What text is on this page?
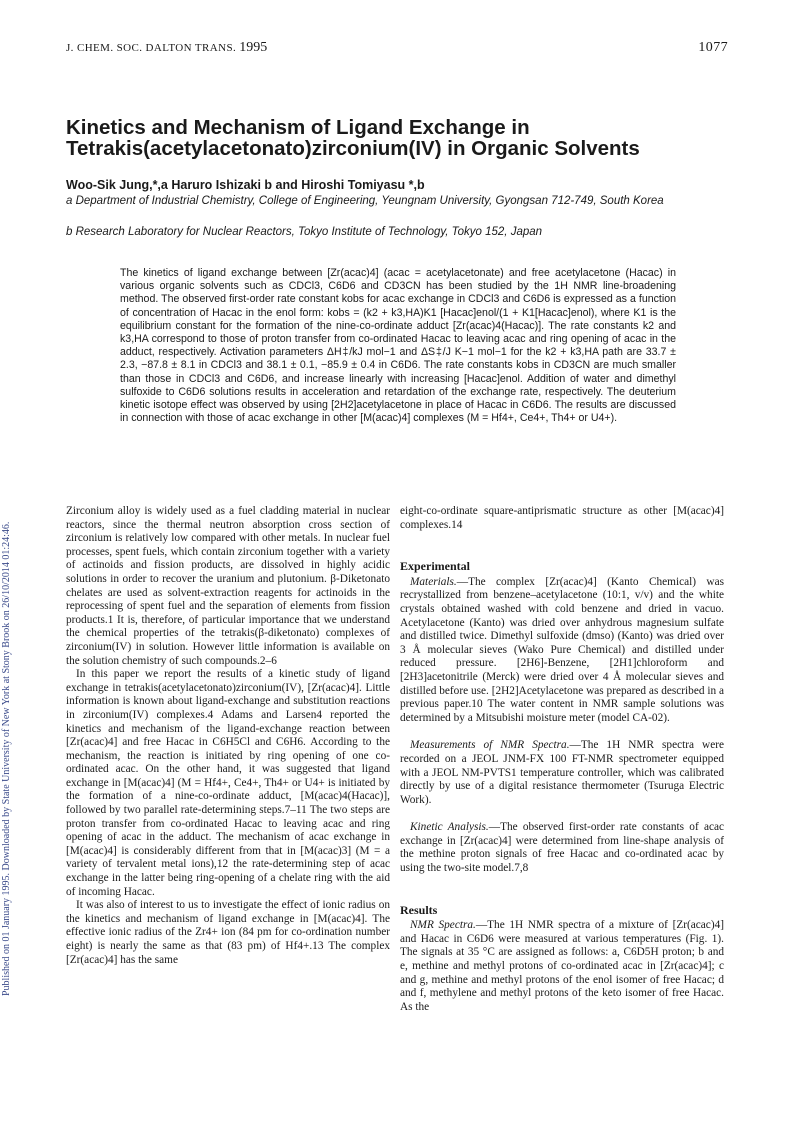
Published on 01 January 1995. Downloaded by State University of New York at Stony Brook on 26/10/2014 01:24:46.
J. CHEM. SOC. DALTON TRANS. 1995	1077
Kinetics and Mechanism of Ligand Exchange in Tetrakis(acetylacetonato)zirconium(IV) in Organic Solvents
Woo-Sik Jung,*,a Haruro Ishizaki b and Hiroshi Tomiyasu *,b
a Department of Industrial Chemistry, College of Engineering, Yeungnam University, Gyongsan 712-749, South Korea
b Research Laboratory for Nuclear Reactors, Tokyo Institute of Technology, Tokyo 152, Japan
The kinetics of ligand exchange between [Zr(acac)4] (acac = acetylacetonate) and free acetylacetone (Hacac) in various organic solvents such as CDCl3, C6D6 and CD3CN has been studied by the 1H NMR line-broadening method. The observed first-order rate constant kobs for acac exchange in CDCl3 and C6D6 is expressed as a function of concentration of Hacac in the enol form: kobs = (k2 + k3,HA)K1 [Hacac]enol/(1 + K1[Hacac]enol), where K1 is the equilibrium constant for the formation of the nine-co-ordinate adduct [Zr(acac)4(Hacac)]. The rate constants k2 and k3,HA correspond to those of proton transfer from co-ordinated Hacac to leaving acac and ring opening of acac in the adduct, respectively. Activation parameters ΔH‡/kJ mol−1 and ΔS‡/J K−1 mol−1 for the k2 + k3,HA path are 33.7 ± 2.3, −87.8 ± 8.1 in CDCl3 and 38.1 ± 0.1, −85.9 ± 0.4 in C6D6. The rate constants kobs in CD3CN are much smaller than those in CDCl3 and C6D6, and increase linearly with increasing [Hacac]enol. Addition of water and dimethyl sulfoxide to C6D6 solutions results in acceleration and retardation of the exchange rate, respectively. The deuterium kinetic isotope effect was observed by using [2H2]acetylacetone in place of Hacac in C6D6. The results are discussed in connection with those of acac exchange in other [M(acac)4] complexes (M = Hf4+, Ce4+, Th4+ or U4+).

Zirconium alloy is widely used as a fuel cladding material in nuclear reactors, since the thermal neutron absorption cross section of zirconium is relatively low compared with other metals. In nuclear fuel processes, spent fuels, which contain zirconium together with a variety of actinoids and fission products, are dissolved in highly acidic solutions in order to recover the uranium and plutonium. β-Diketonato chelates are used as solvent-extraction reagents for actinoids in the reprocessing of spent fuel and the separation of elements from fission products.1 It is, therefore, of particular importance that we understand the chemical properties of the tetrakis(β-diketonato) complexes of zirconium(IV) in solution. However little information is available on the solution chemistry of such compounds.2–6

In this paper we report the results of a kinetic study of ligand exchange in tetrakis(acetylacetonato)zirconium(IV), [Zr(acac)4]. Little information is known about ligand-exchange and substitution reactions in zirconium(IV) complexes.4 Adams and Larsen4 reported the kinetics and mechanism of the ligand-exchange reaction between [Zr(acac)4] and free Hacac in C6H5Cl and C6H6. According to the mechanism, the reaction is initiated by ring opening of one co-ordinated acac. On the other hand, it was suggested that ligand exchange in [M(acac)4] (M = Hf4+, Ce4+, Th4+ or U4+ is initiated by the formation of a nine-co-ordinate adduct, [M(acac)4(Hacac)], followed by two parallel rate-determining steps.7–11 The two steps are proton transfer from co-ordinated Hacac to leaving acac and ring opening of acac in the adduct. The mechanism of acac exchange in [M(acac)4] is considerably different from that in [M(acac)3] (M = a variety of tervalent metal ions),12 the rate-determining step of acac exchange in the latter being ring-opening of a chelate ring with the aid of incoming Hacac.

It was also of interest to us to investigate the effect of ionic radius on the kinetics and mechanism of ligand exchange in [M(acac)4]. The effective ionic radius of the Zr4+ ion (84 pm for co-ordination number eight) is nearly the same as that (83 pm) of Hf4+.13 The complex [Zr(acac)4] has the same

eight-co-ordinate square-antiprismatic structure as other [M(acac)4] complexes.14

Experimental

Materials.—The complex [Zr(acac)4] (Kanto Chemical) was recrystallized from benzene–acetylacetone (10:1, v/v) and the white crystals obtained washed with cold benzene and dried in vacuo. Acetylacetone (Kanto) was dried over anhydrous magnesium sulfate and distilled twice. Dimethyl sulfoxide (dmso) (Kanto) was dried over 3 Å molecular sieves (Wako Pure Chemical) and distilled under reduced pressure. [2H6]-Benzene, [2H1]chloroform and [2H3]acetonitrile (Merck) were dried over 4 Å molecular sieves and distilled before use. [2H2]Acetylacetone was prepared as described in a previous paper.10 The water content in NMR sample solutions was determined by a Mitsubishi moisture meter (model CA-02).

Measurements of NMR Spectra.—The 1H NMR spectra were recorded on a JEOL JNM-FX 100 FT-NMR spectrometer equipped with a JEOL NM-PVTS1 temperature controller, which was calibrated directly by use of a digital resistance thermometer (Tsuruga Electric Work).

Kinetic Analysis.—The observed first-order rate constants of acac exchange in [Zr(acac)4] were determined from line-shape analysis of the methine proton signals of free Hacac and co-ordinated acac by using the two-site model.7,8

Results

NMR Spectra.—The 1H NMR spectra of a mixture of [Zr(acac)4] and Hacac in C6D6 were measured at various temperatures (Fig. 1). The signals at 35 °C are assigned as follows: a, C6D5H proton; b and e, methine and methyl protons of co-ordinated acac in [Zr(acac)4]; c and g, methine and methyl protons of the enol isomer of free Hacac; d and f, methylene and methyl protons of the keto isomer of free Hacac. As the
